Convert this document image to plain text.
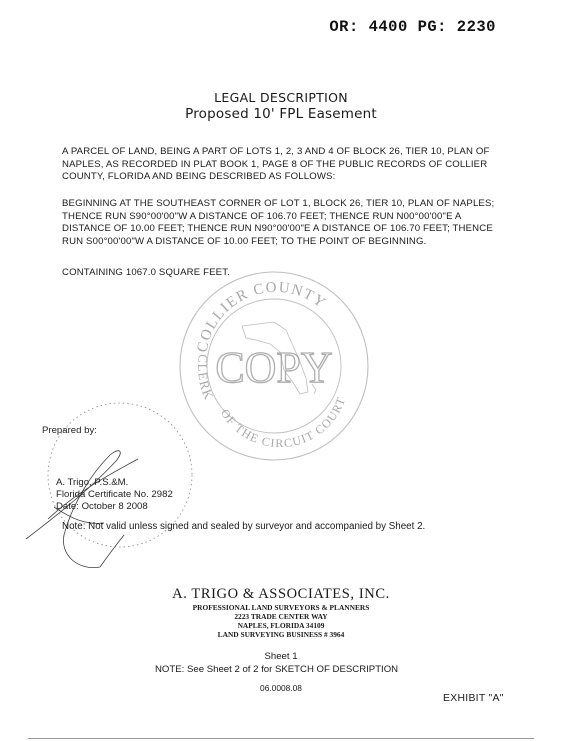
OR: 4400 PG: 2230
LEGAL DESCRIPTION
Proposed 10' FPL Easement
A PARCEL OF LAND, BEING A PART OF LOTS 1, 2, 3 AND 4 OF BLOCK 26, TIER 10, PLAN OF NAPLES, AS RECORDED IN PLAT BOOK 1, PAGE 8 OF THE PUBLIC RECORDS OF COLLIER COUNTY, FLORIDA AND BEING DESCRIBED AS FOLLOWS:
BEGINNING AT THE SOUTHEAST CORNER OF LOT 1, BLOCK 26, TIER 10, PLAN OF NAPLES; THENCE RUN S90°00'00"W A DISTANCE OF 106.70 FEET; THENCE RUN N00°00'00"E A DISTANCE OF 10.00 FEET; THENCE RUN N90°00'00"E A DISTANCE OF 106.70 FEET; THENCE RUN S00°00'00"W A DISTANCE OF 10.00 FEET; TO THE POINT OF BEGINNING.
CONTAINING 1067.0 SQUARE FEET.
COLLIER COUNTY
OF THE CIRCUIT COURT
CLERK
COPY
Prepared by:
A. Trigo, P.S.&M.
Florida Certificate No. 2982
Date: October 8 2008
Note: Not valid unless signed and sealed by surveyor and accompanied by Sheet 2.
A. TRIGO & ASSOCIATES, INC.
PROFESSIONAL LAND SURVEYORS & PLANNERS
2223 TRADE CENTER WAY
NAPLES, FLORIDA 34109
LAND SURVEYING BUSINESS # 3964
Sheet 1
NOTE: See Sheet 2 of 2 for SKETCH OF DESCRIPTION
06.0008.08
EXHIBIT "A"
